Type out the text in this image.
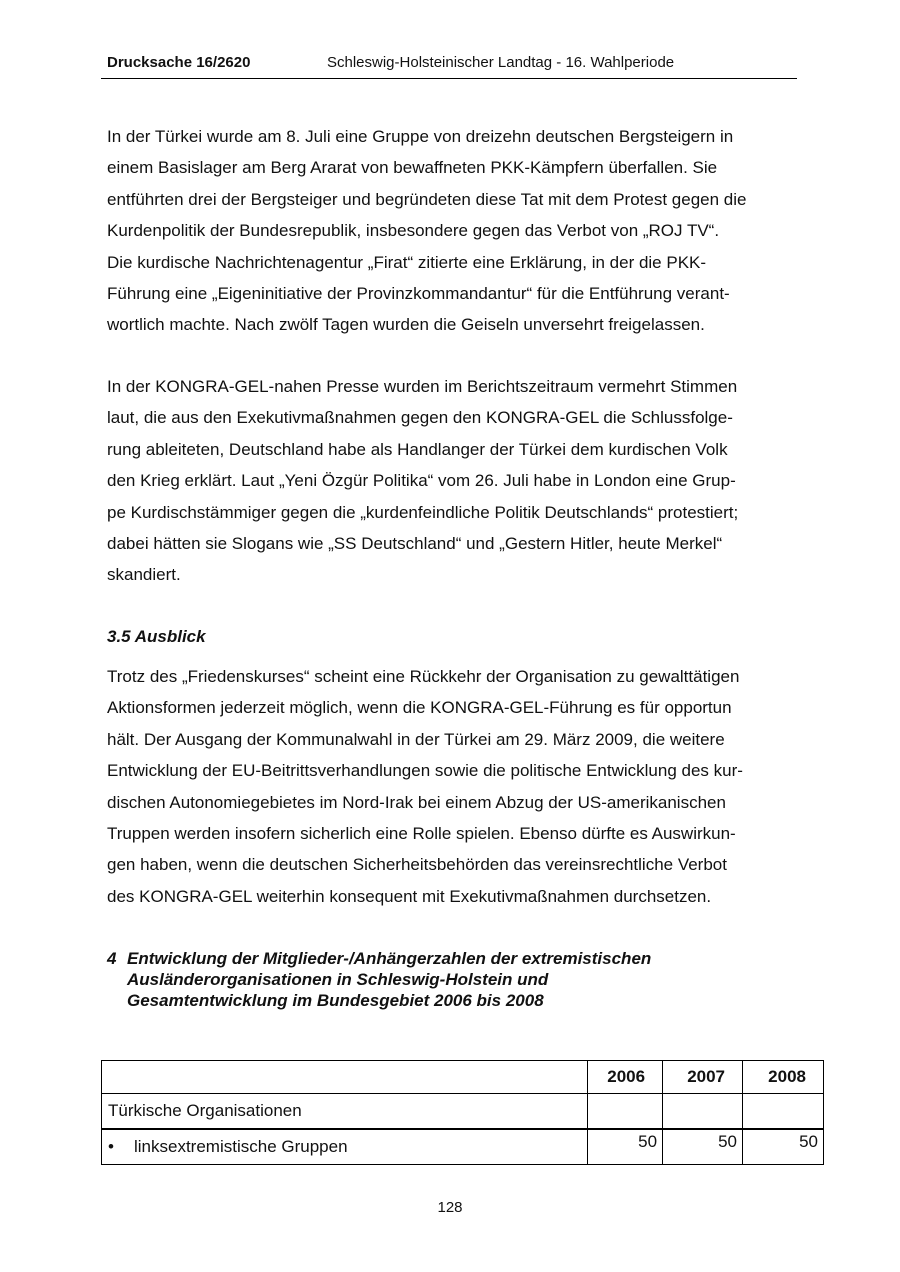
Drucksache 16/2620	Schleswig-Holsteinischer Landtag - 16. Wahlperiode
In der Türkei wurde am 8. Juli eine Gruppe von dreizehn deutschen Bergsteigern in
einem Basislager am Berg Ararat von bewaffneten PKK-Kämpfern überfallen. Sie
entführten drei der Bergsteiger und begründeten diese Tat mit dem Protest gegen die
Kurdenpolitik der Bundesrepublik, insbesondere gegen das Verbot von „ROJ TV“.
Die kurdische Nachrichtenagentur „Firat“ zitierte eine Erklärung, in der die PKK-
Führung eine „Eigeninitiative der Provinzkommandantur“ für die Entführung verant-
wortlich machte. Nach zwölf Tagen wurden die Geiseln unversehrt freigelassen.
In der KONGRA-GEL-nahen Presse wurden im Berichtszeitraum vermehrt Stimmen
laut, die aus den Exekutivmaßnahmen gegen den KONGRA-GEL die Schlussfolge-
rung ableiteten, Deutschland habe als Handlanger der Türkei dem kurdischen Volk
den Krieg erklärt. Laut „Yeni Özgür Politika“ vom 26. Juli habe in London eine Grup-
pe Kurdischstämmiger gegen die „kurdenfeindliche Politik Deutschlands“ protestiert;
dabei hätten sie Slogans wie „SS Deutschland“ und „Gestern Hitler, heute Merkel“
skandiert.
3.5 Ausblick
Trotz des „Friedenskurses“ scheint eine Rückkehr der Organisation zu gewalttätigen
Aktionsformen jederzeit möglich, wenn die KONGRA-GEL-Führung es für opportun
hält. Der Ausgang der Kommunalwahl in der Türkei am 29. März 2009, die weitere
Entwicklung der EU-Beitrittsverhandlungen sowie die politische Entwicklung des kur-
dischen Autonomiegebietes im Nord-Irak bei einem Abzug der US-amerikanischen
Truppen werden insofern sicherlich eine Rolle spielen. Ebenso dürfte es Auswirkun-
gen haben, wenn die deutschen Sicherheitsbehörden das vereinsrechtliche Verbot
des KONGRA-GEL weiterhin konsequent mit Exekutivmaßnahmen durchsetzen.
4 Entwicklung der Mitglieder-/Anhängerzahlen der extremistischen
Ausländerorganisationen in Schleswig-Holstein und
Gesamtentwicklung im Bundesgebiet 2006 bis 2008
	2006	2007	2008
Türkische Organisationen			
• linksextremistische Gruppen	50	50	50
128
